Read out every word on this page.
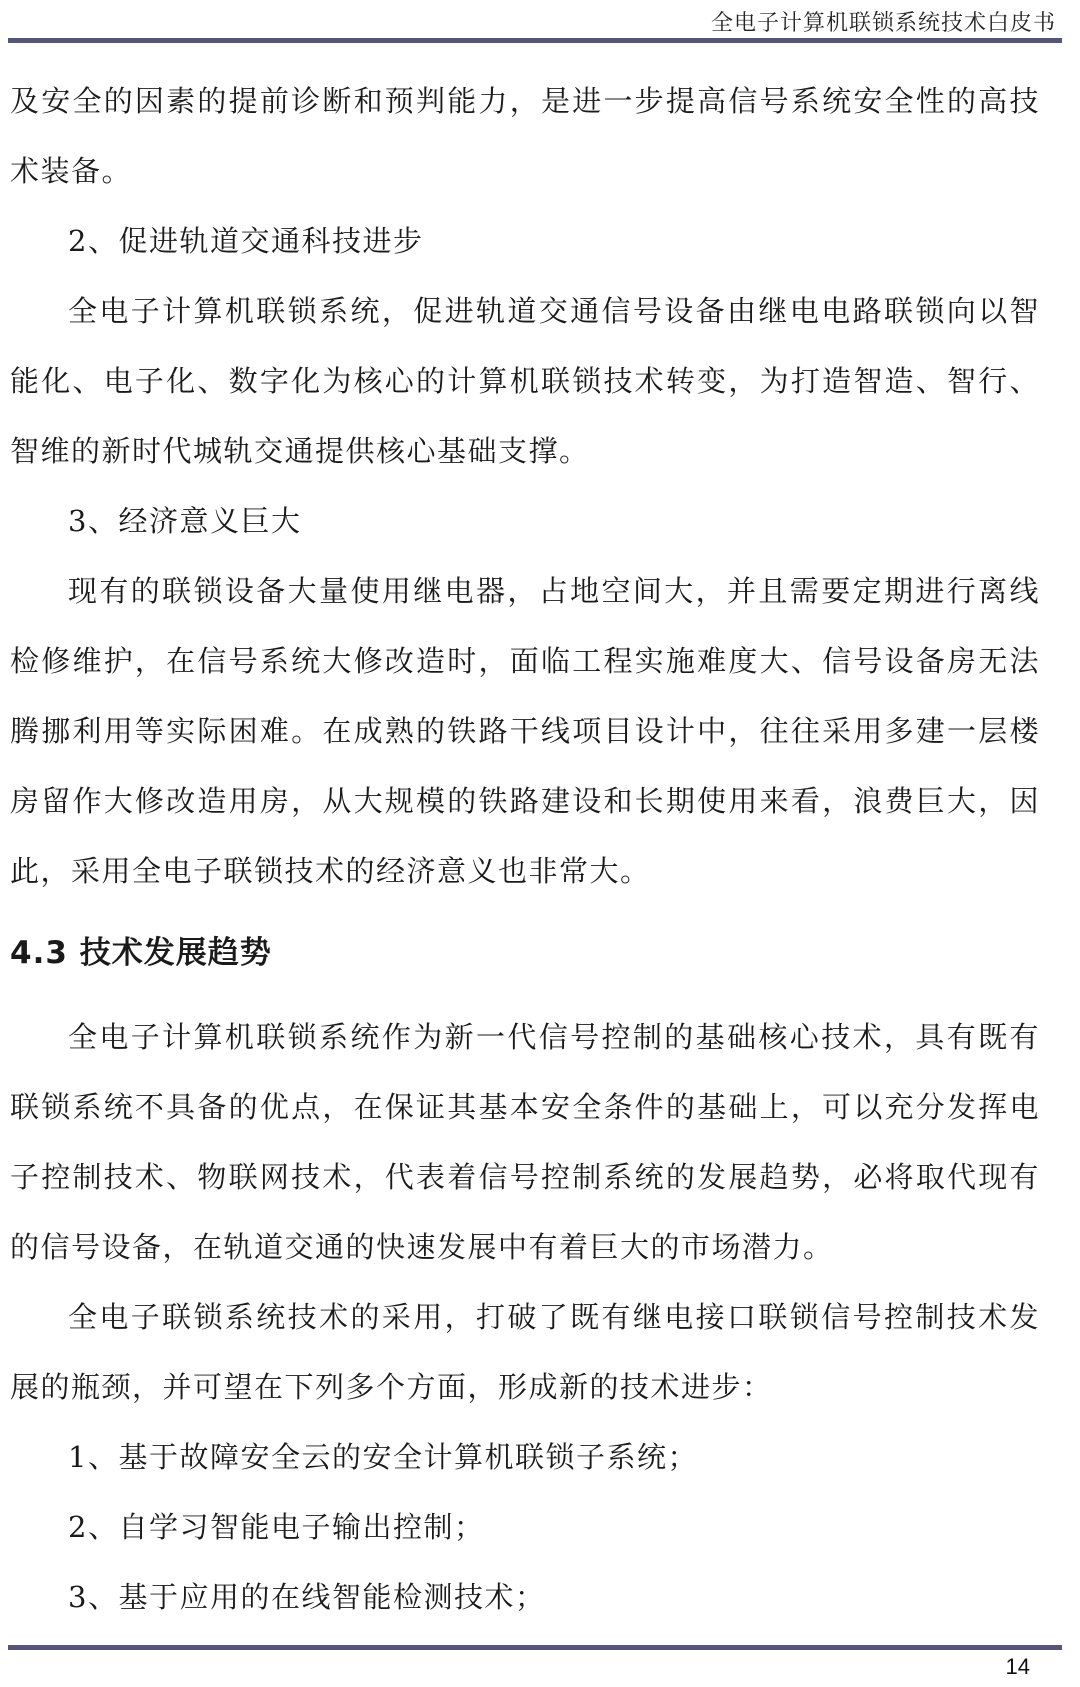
全电子计算机联锁系统技术白皮书

及安全的因素的提前诊断和预判能力，是进一步提高信号系统安全性的高技术装备。

2、促进轨道交通科技进步

全电子计算机联锁系统，促进轨道交通信号设备由继电电路联锁向以智能化、电子化、数字化为核心的计算机联锁技术转变，为打造智造、智行、智维的新时代城轨交通提供核心基础支撑。

3、经济意义巨大

现有的联锁设备大量使用继电器，占地空间大，并且需要定期进行离线检修维护，在信号系统大修改造时，面临工程实施难度大、信号设备房无法腾挪利用等实际困难。在成熟的铁路干线项目设计中，往往采用多建一层楼房留作大修改造用房，从大规模的铁路建设和长期使用来看，浪费巨大，因此，采用全电子联锁技术的经济意义也非常大。

4.3 技术发展趋势

全电子计算机联锁系统作为新一代信号控制的基础核心技术，具有既有联锁系统不具备的优点，在保证其基本安全条件的基础上，可以充分发挥电子控制技术、物联网技术，代表着信号控制系统的发展趋势，必将取代现有的信号设备，在轨道交通的快速发展中有着巨大的市场潜力。

全电子联锁系统技术的采用，打破了既有继电接口联锁信号控制技术发展的瓶颈，并可望在下列多个方面，形成新的技术进步：

1、基于故障安全云的安全计算机联锁子系统；

2、自学习智能电子输出控制；

3、基于应用的在线智能检测技术；

14
